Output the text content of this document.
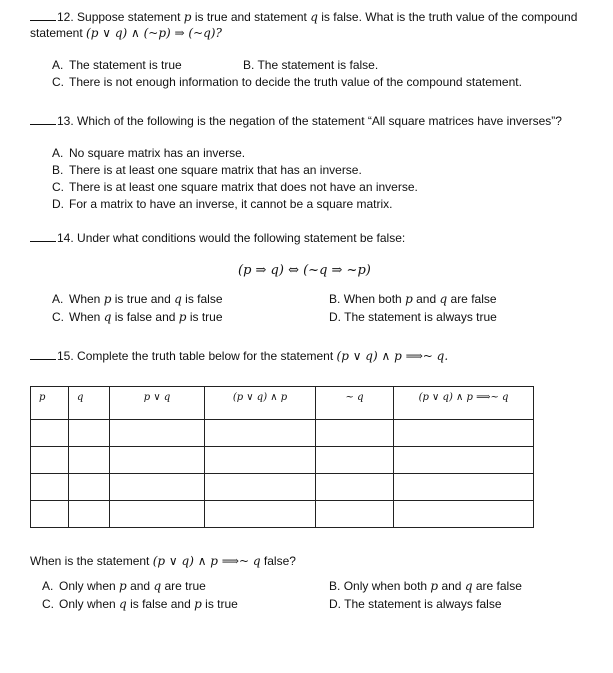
12. Suppose statement p is true and statement q is false. What is the truth value of the compound
statement (p ∨ q) ∧ (~p) ⇒ (~q)?
A. The statement is true	B. The statement is false.
C. There is not enough information to decide the truth value of the compound statement.
13. Which of the following is the negation of the statement “All square matrices have inverses”?
A. No square matrix has an inverse.
B. There is at least one square matrix that has an inverse.
C. There is at least one square matrix that does not have an inverse.
D. For a matrix to have an inverse, it cannot be a square matrix.
14. Under what conditions would the following statement be false:
(p ⇒ q) ⇔ (~q ⇒ ~p)
A. When p is true and q is false	B. When both p and q are false
C. When q is false and p is true	D. The statement is always true
15. Complete the truth table below for the statement (p ∨ q) ∧ p ⟹~ q.
p	q	p ∨ q	(p ∨ q) ∧ p	~ q	(p ∨ q) ∧ p ⟹~ q

When is the statement (p ∨ q) ∧ p ⟹~ q false?
A. Only when p and q are true	B. Only when both p and q are false
C. Only when q is false and p is true	D. The statement is always false
